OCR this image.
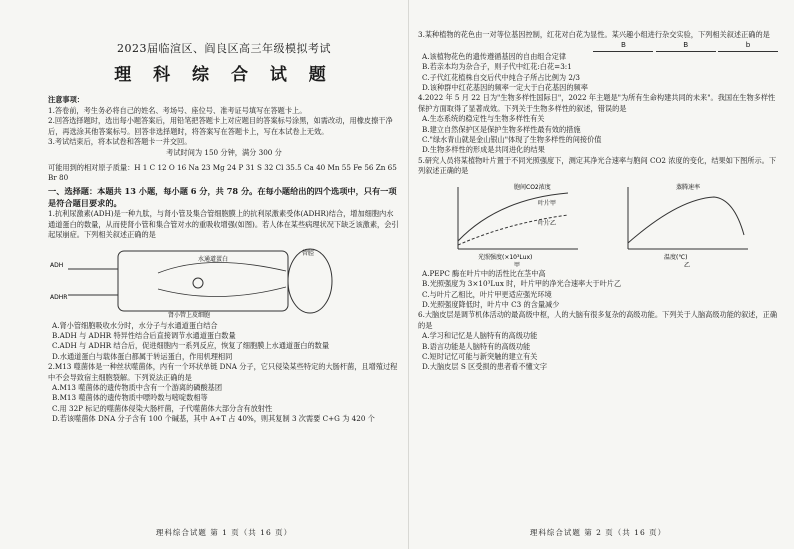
2023届临渲区、阎良区高三年级模拟考试
理 科 综 合 试 题

注意事项：

1.答卷前，考生务必将自己的姓名、考场号、座位号、准考证号填写在答题卡上。

2.回答选择题时，选出每小题答案后，用铅笔把答题卡上对应题目的答案标号涂黑，如需改动，用橡皮擦干净后，再选涂其他答案标号。回答非选择题时，将答案写在答题卡上，写在本试卷上无效。

3.考试结束后，将本试卷和答题卡一并交回。

考试时间为 150 分钟，满分 300 分

可能用到的相对原子质量：H 1 C 12 O 16 Na 23 Mg 24 P 31 S 32 Cl 35.5 Ca 40 Mn 55 Fe 56 Zn 65 Br 80

一、选择题：本题共 13 小题，每小题 6 分，共 78 分。在每小题给出的四个选项中，只有一项是符合题目要求的。

1.抗利尿激素(ADH)是一种九肽，与肾小管及集合管细胞膜上的抗利尿激素受体(ADHR)结合，增加细胞内水通道蛋白的数量，从而使肾小管和集合管对水的重吸收增强(如图)。若人体在某些病理状况下缺乏该激素，会引起尿崩症。下列相关叙述正确的是

ADH
ADHR
水通道蛋白
管腔
肾小管上皮细胞

A.肾小管细胞吸收水分时，水分子与水通道蛋白结合

B.ADH 与 ADHR 特异性结合后直接调节水通道蛋白数量

C.ADH 与 ADHR 结合后，促进细胞内一系列反应，恢复了细胞膜上水通道蛋白的数量

D.水通道蛋白与载体蛋白都属于转运蛋白，作用机理相同

2.M13 噬菌体是一种丝状噬菌体，内有一个环状单链 DNA 分子，它只侵染某些特定的大肠杆菌，且增殖过程中不会导致宿主细胞裂解。下列说法正确的是

A.M13 噬菌体的遗传物质中含有一个游离的磷酸基团

B.M13 噬菌体的遗传物质中嘌呤数与嘧啶数相等

C.用 32P 标记的噬菌体侵染大肠杆菌，子代噬菌体大部分含有放射性

D.若该噬菌体 DNA 分子含有 100 个碱基，其中 A+T 占 40%，则其复制 3 次需要 C+G 为 420 个

理科综合试题 第 1 页（共 16 页）

3.某种植物的花色由一对等位基因控制，红花对白花为显性。某兴趣小组进行杂交实验，下列相关叙述正确的是

B	B	b

A.该植物花色的遗传遵循基因的自由组合定律

B.若亲本均为杂合子，则子代中红花:白花=3:1

C.子代红花植株自交后代中纯合子所占比例为 2/3

D.该种群中红花基因的频率一定大于白花基因的频率

4.2022 年 5 月 22 日为"生物多样性国际日"，2022 年主题是"为所有生命构建共同的未来"。我国在生物多样性保护方面取得了显著成效。下列关于生物多样性的叙述，错误的是

A.生态系统的稳定性与生物多样性有关

B.建立自然保护区是保护生物多样性最有效的措施

C."绿水青山就是金山银山"体现了生物多样性的间接价值

D.生物多样性的形成是共同进化的结果

5.研究人员将某植物叶片置于不同光照强度下，测定其净光合速率与胞间 CO2 浓度的变化，结果如下图所示。下列叙述正确的是

胞间CO2浓度
叶片甲
叶片乙
光照强度(×10³Lux)
甲
蒸腾速率
温度(℃)
乙

A.PEPC 酶在叶片中的活性比在茎中高

B.光照强度为 3×10³Lux 时，叶片甲的净光合速率大于叶片乙

C.与叶片乙相比，叶片甲更适应强光环境

D.光照强度降低时，叶片中 C3 的含量减少

6.大脑皮层是调节机体活动的最高级中枢，人的大脑有很多复杂的高级功能。下列关于人脑高级功能的叙述，正确的是

A.学习和记忆是人脑特有的高级功能

B.语言功能是人脑特有的高级功能

C.短时记忆可能与新突触的建立有关

D.大脑皮层 S 区受损的患者看不懂文字

理科综合试题 第 2 页（共 16 页）
